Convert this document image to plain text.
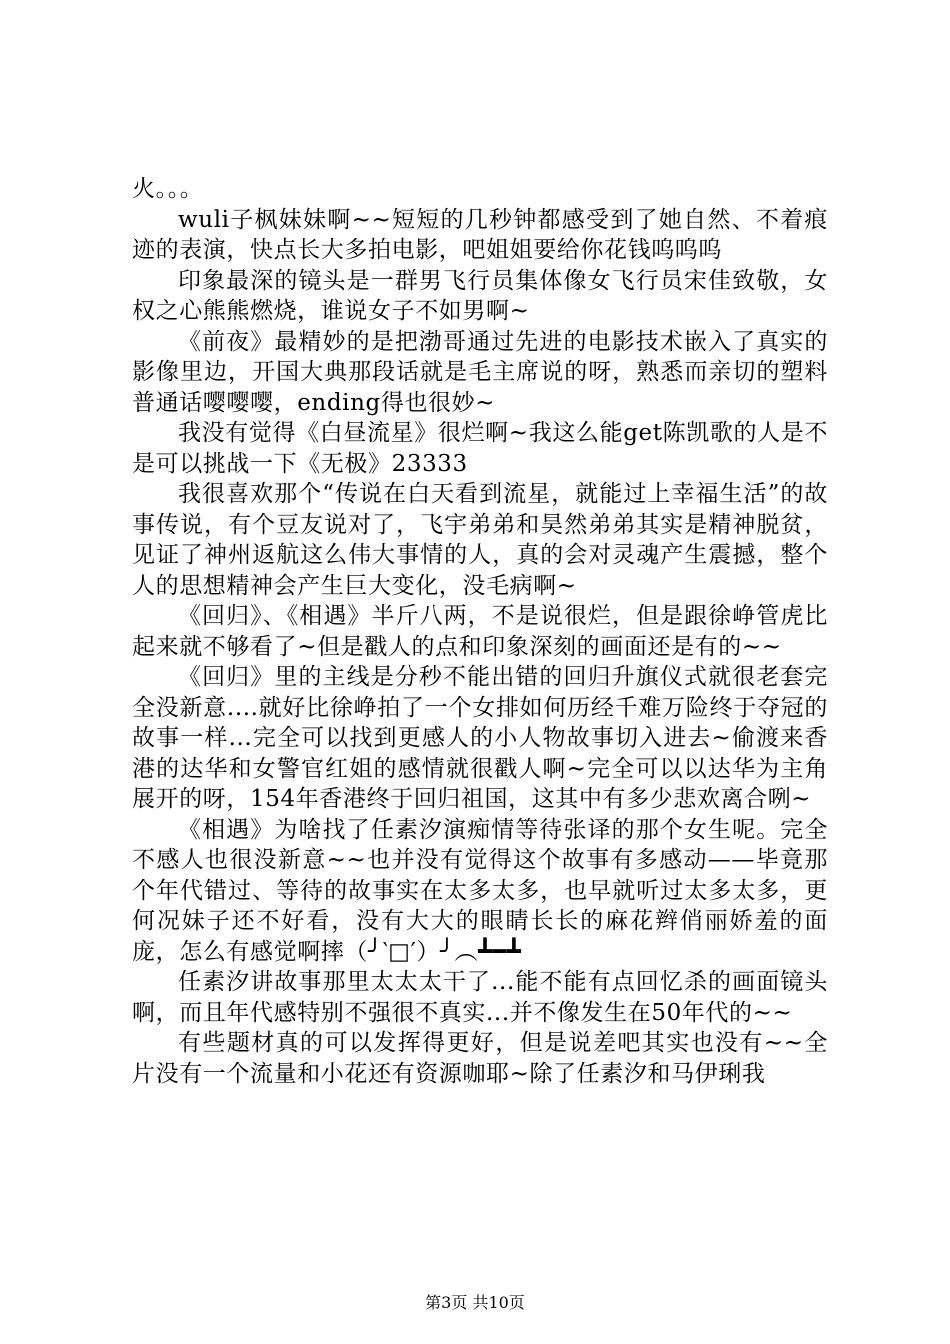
火。。。

wuli子枫妹妹啊~~短短的几秒钟都感受到了她自然、不着痕迹的表演，快点长大多拍电影，吧姐姐要给你花钱呜呜呜

印象最深的镜头是一群男飞行员集体像女飞行员宋佳致敬，女权之心熊熊燃烧，谁说女子不如男啊~

《前夜》最精妙的是把渤哥通过先进的电影技术嵌入了真实的影像里边，开国大典那段话就是毛主席说的呀，熟悉而亲切的塑料普通话嘤嘤嘤，ending得也很妙~

我没有觉得《白昼流星》很烂啊~我这么能get陈凯歌的人是不是可以挑战一下《无极》23333

我很喜欢那个“传说在白天看到流星，就能过上幸福生活”的故事传说，有个豆友说对了，飞宇弟弟和昊然弟弟其实是精神脱贫，见证了神州返航这么伟大事情的人，真的会对灵魂产生震撼，整个人的思想精神会产生巨大变化，没毛病啊~

《回归》、《相遇》半斤八两，不是说很烂，但是跟徐峥管虎比起来就不够看了~但是戳人的点和印象深刻的画面还是有的~~

《回归》里的主线是分秒不能出错的回归升旗仪式就很老套完全没新意....就好比徐峥拍了一个女排如何历经千难万险终于夺冠的故事一样...完全可以找到更感人的小人物故事切入进去~偷渡来香港的达华和女警官红姐的感情就很戳人啊~完全可以以达华为主角展开的呀，154年香港终于回归祖国，这其中有多少悲欢离合咧~

《相遇》为啥找了任素汐演痴情等待张译的那个女生呢。完全不感人也很没新意~~也并没有觉得这个故事有多感动——毕竟那个年代错过、等待的故事实在太多太多，也早就听过太多太多，更何况妹子还不好看，没有大大的眼睛长长的麻花辫俏丽娇羞的面庞，怎么有感觉啊摔（╯‵□′）╯︵┻━┻

任素汐讲故事那里太太太干了...能不能有点回忆杀的画面镜头啊，而且年代感特别不强很不真实...并不像发生在50年代的~~

有些题材真的可以发挥得更好，但是说差吧其实也没有~~全片没有一个流量和小花还有资源咖耶~除了任素汐和马伊琍我

第3页 共10页
